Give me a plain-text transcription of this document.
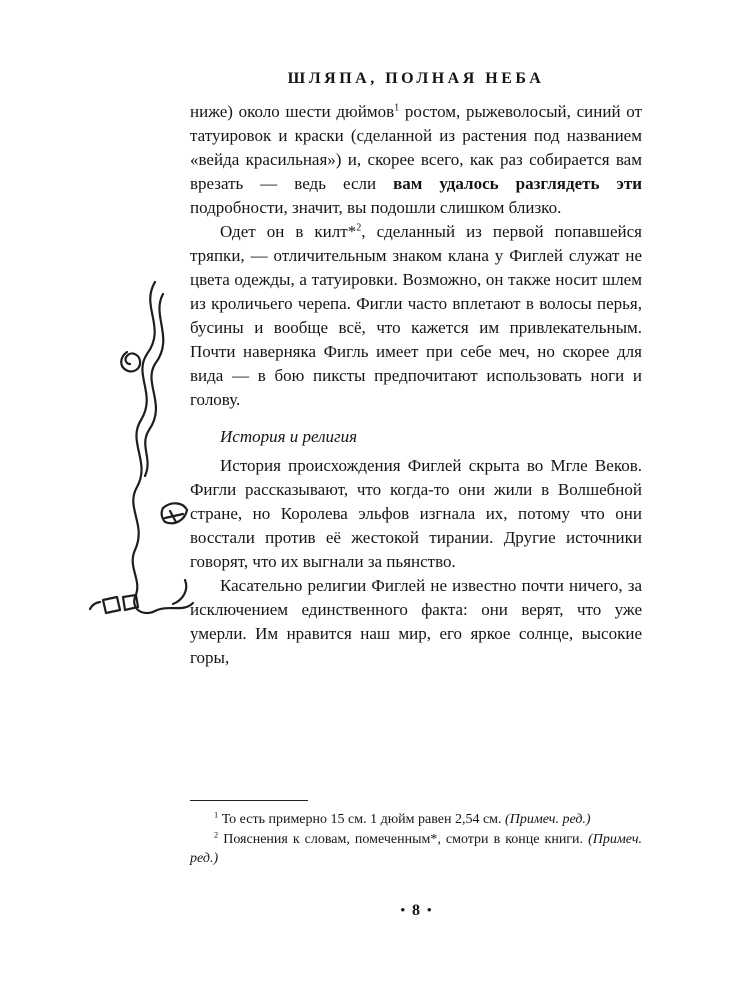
ШЛЯПА, ПОЛНАЯ НЕБА

ниже) около шести дюймов$^1$ ростом, рыжеволосый, синий от татуировок и краски (сделанной из растения под названием «вейда красильная») и, скорее всего, как раз собирается вам врезать — ведь если вам удалось разглядеть эти подробности, значит, вы подошли слишком близко.

Одет он в килт*$^2$, сделанный из первой попавшейся тряпки, — отличительным знаком клана у Фиглей служат не цвета одежды, а татуировки. Возможно, он также носит шлем из кроличьего черепа. Фигли часто вплетают в волосы перья, бусины и вообще всё, что кажется им привлекательным. Почти наверняка Фигль имеет при себе меч, но скорее для вида — в бою пиксты предпочитают использовать ноги и голову.

История и религия

История происхождения Фиглей скрыта во Мгле Веков. Фигли рассказывают, что когда-то они жили в Волшебной стране, но Королева эльфов изгнала их, потому что они восстали против её жестокой тирании. Другие источники говорят, что их выгнали за пьянство.

Касательно религии Фиглей не известно почти ничего, за исключением единственного факта: они верят, что уже умерли. Им нравится наш мир, его яркое солнце, высокие горы,

$^1$ То есть примерно 15 см. 1 дюйм равен 2,54 см. (Примеч. ред.)

$^2$ Пояснения к словам, помеченным*, смотри в конце книги. (Примеч. ред.)

• 8 •
